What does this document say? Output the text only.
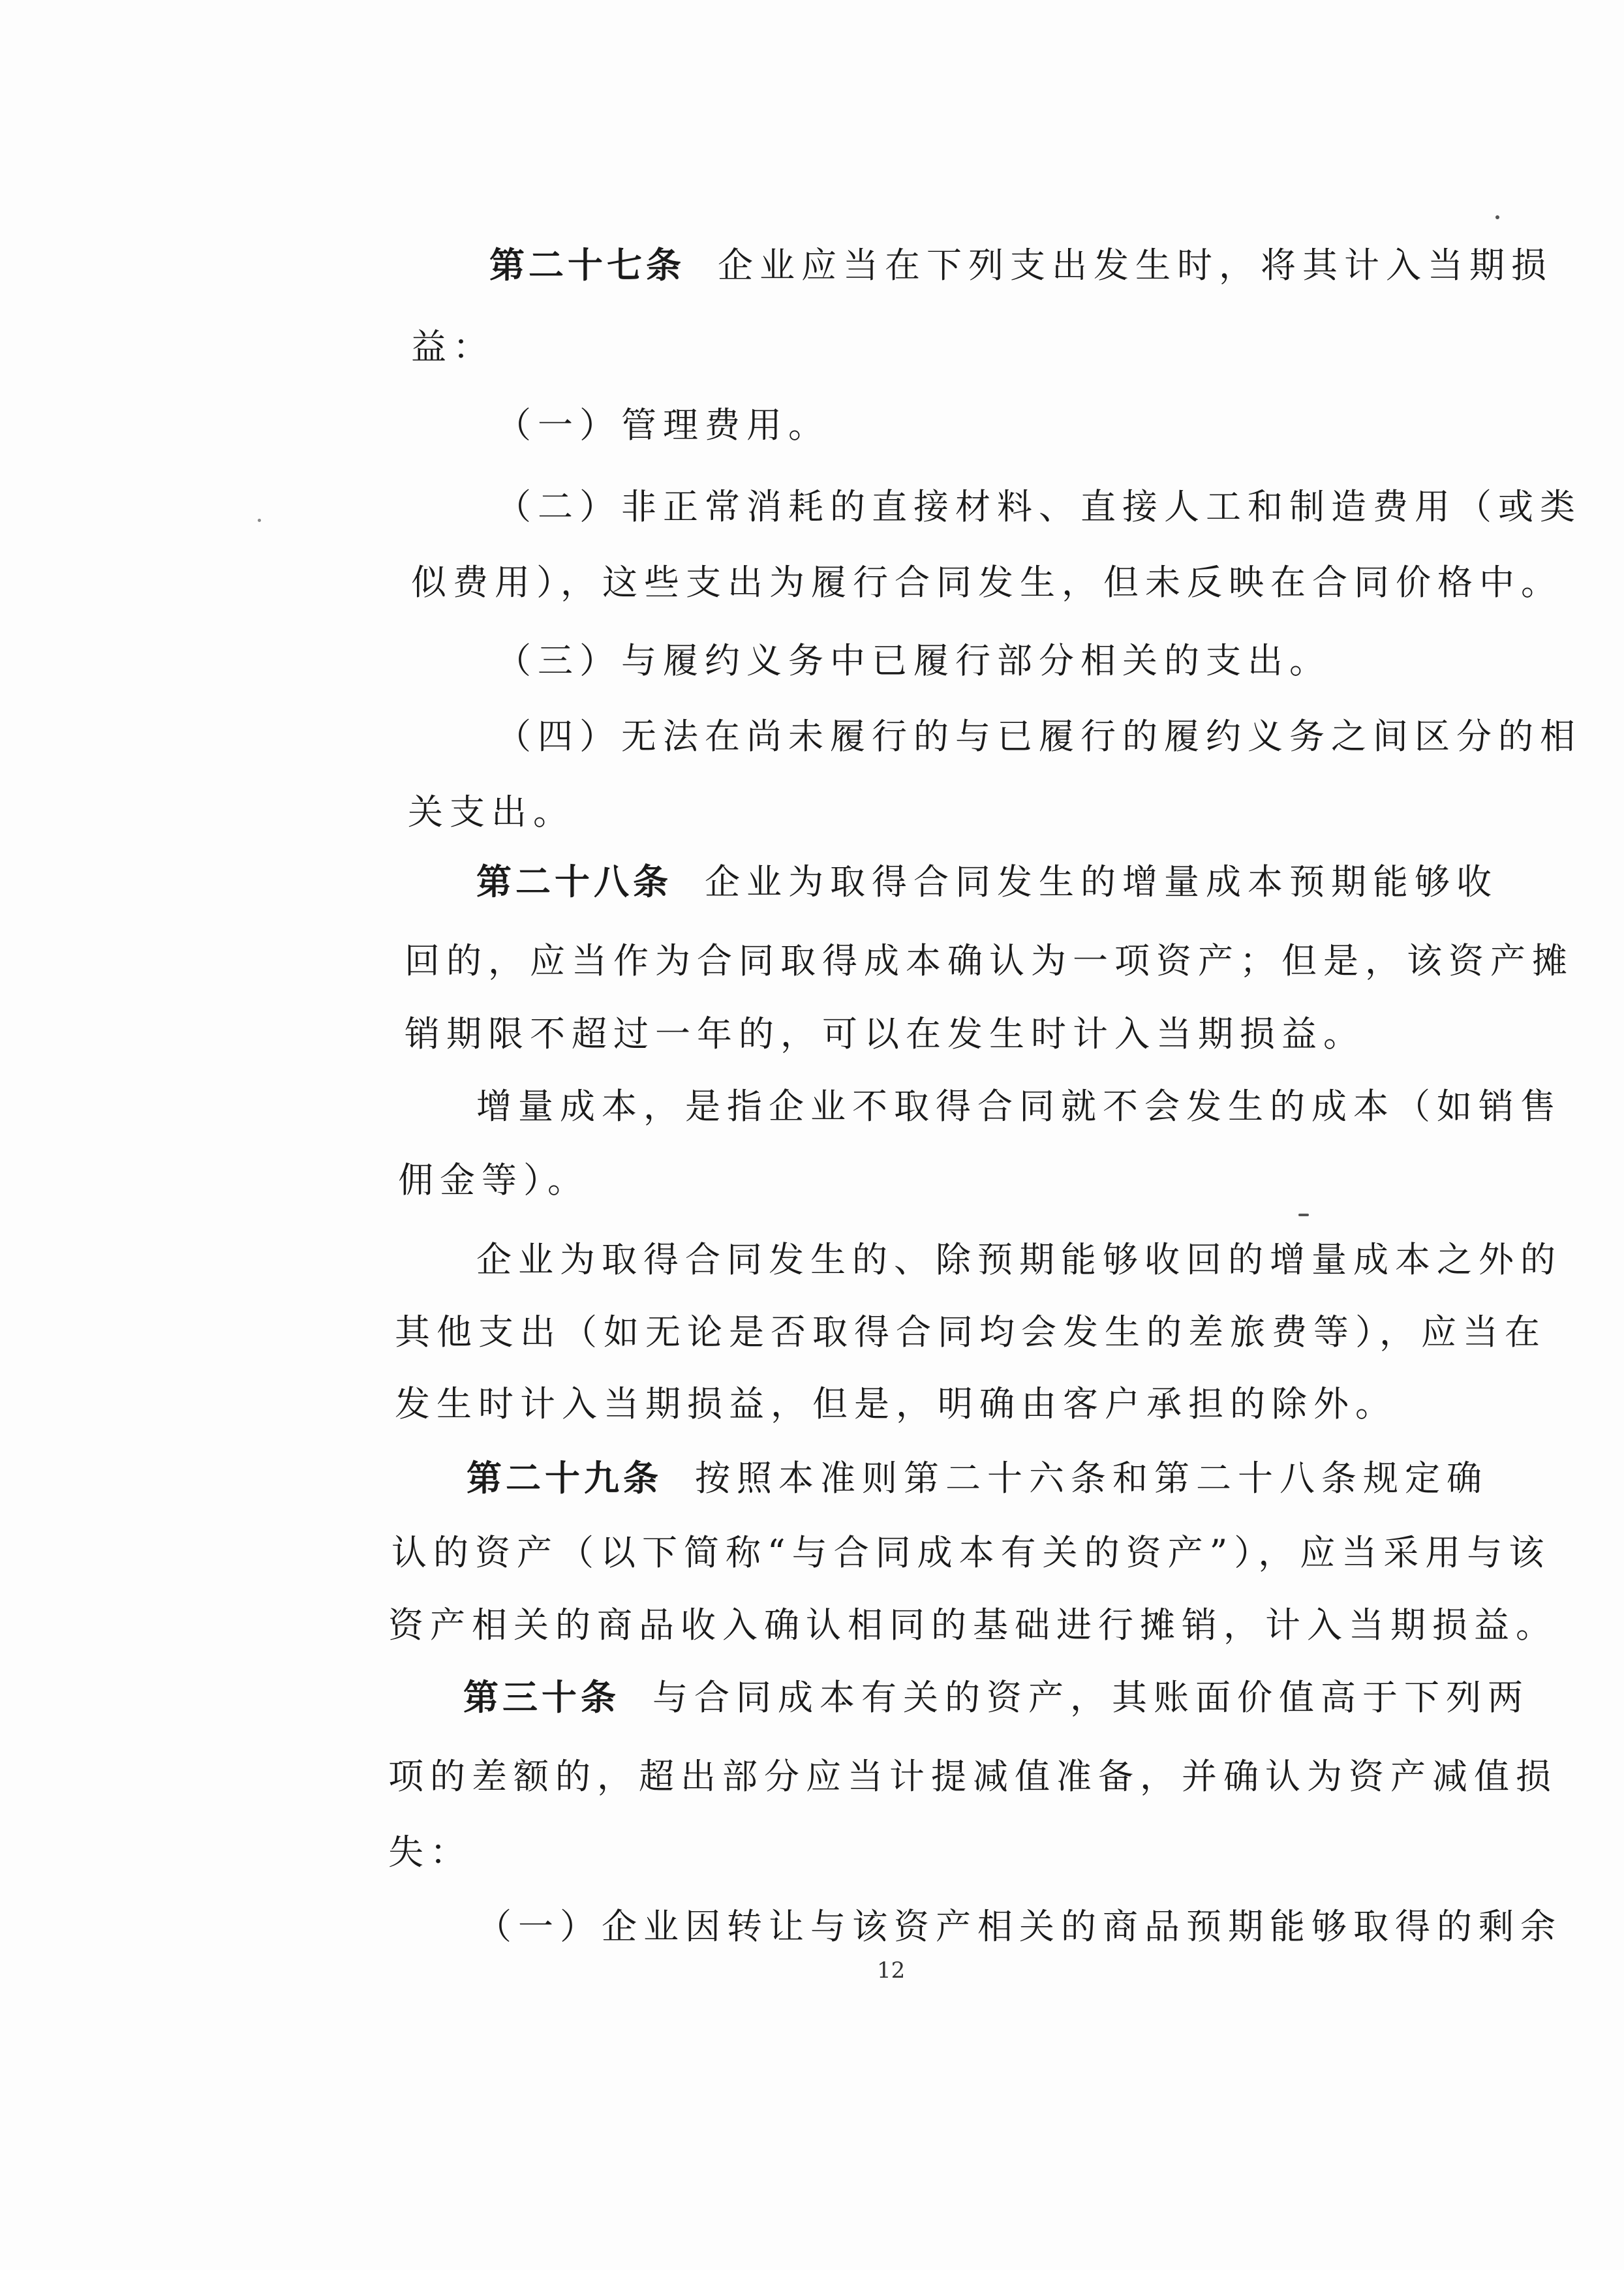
第二十七条 企业应当在下列支出发生时，将其计入当期损
益：
（一）管理费用。
（二）非正常消耗的直接材料、直接人工和制造费用（或类
似费用），这些支出为履行合同发生，但未反映在合同价格中。
（三）与履约义务中已履行部分相关的支出。
（四）无法在尚未履行的与已履行的履约义务之间区分的相
关支出。
第二十八条 企业为取得合同发生的增量成本预期能够收
回的，应当作为合同取得成本确认为一项资产；但是，该资产摊
销期限不超过一年的，可以在发生时计入当期损益。
增量成本，是指企业不取得合同就不会发生的成本（如销售
佣金等）。
企业为取得合同发生的、除预期能够收回的增量成本之外的
其他支出（如无论是否取得合同均会发生的差旅费等），应当在
发生时计入当期损益，但是，明确由客户承担的除外。
第二十九条 按照本准则第二十六条和第二十八条规定确
认的资产（以下简称“与合同成本有关的资产”），应当采用与该
资产相关的商品收入确认相同的基础进行摊销，计入当期损益。
第三十条 与合同成本有关的资产，其账面价值高于下列两
项的差额的，超出部分应当计提减值准备，并确认为资产减值损
失：
（一）企业因转让与该资产相关的商品预期能够取得的剩余
12
